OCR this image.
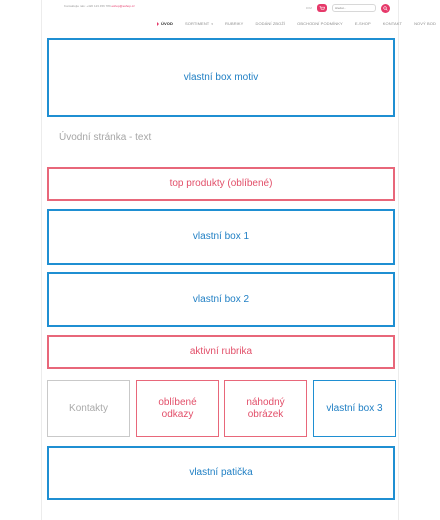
Kontaktujte nás: +420 123 456 789 eshop@eshop.cz	0 Kč
Hledat...
ÚVOD	SORTIMENT ▾	RUBRIKY	DODÁNÍ ZBOŽÍ	OBCHODNÍ PODMÍNKY	E-SHOP	KONTAKT	NOVÝ BOD
vlastní box motiv
Úvodní stránka - text
top produkty (oblíbené)
vlastní box 1
vlastní box 2
aktivní rubrika
Kontakty
oblíbené odkazy
náhodný obrázek
vlastní box 3
vlastní patička
